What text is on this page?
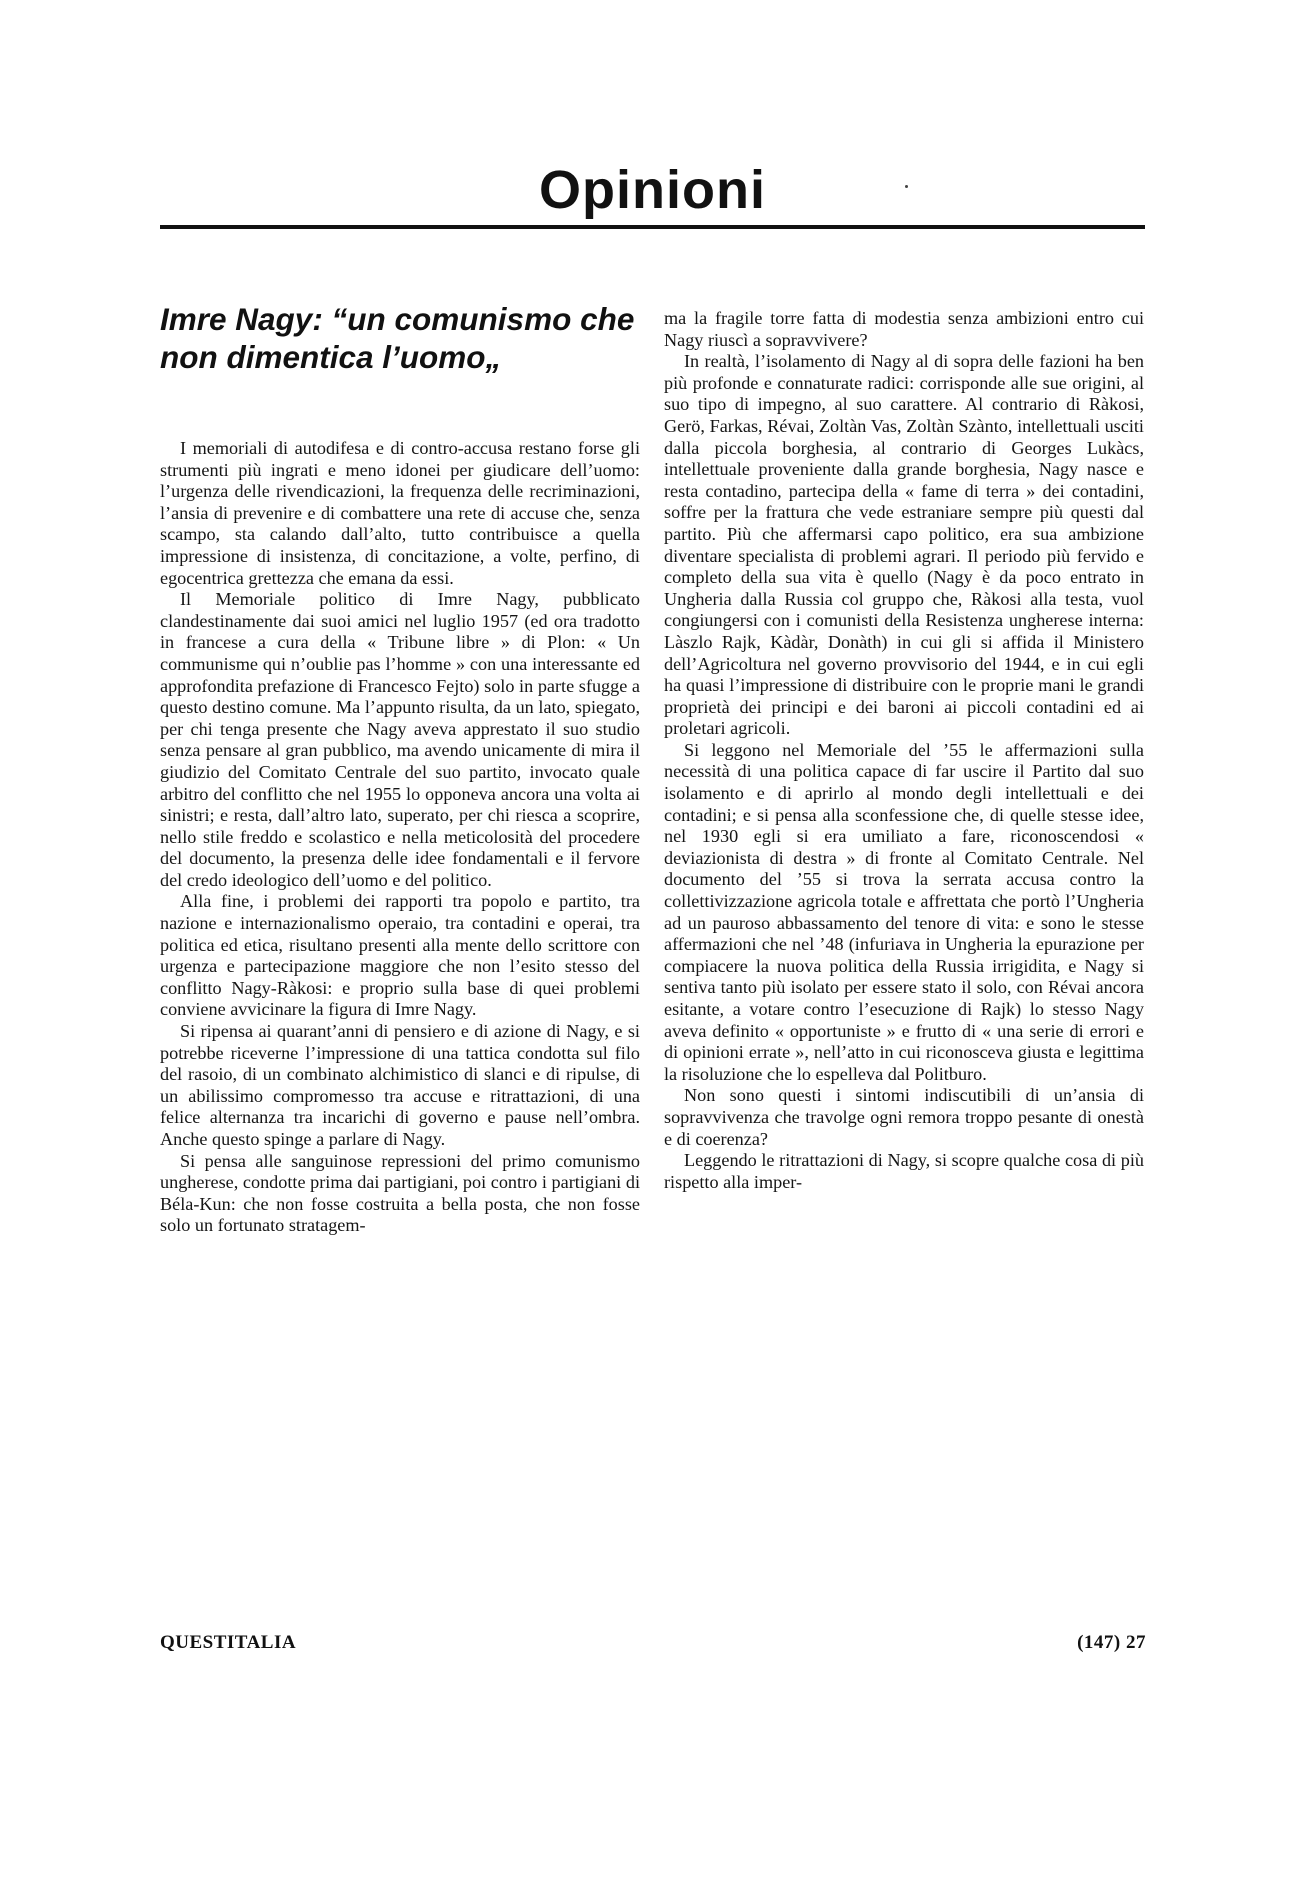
Opinioni
Imre Nagy: “un comunismo che non dimentica l’uomo„

I memoriali di autodifesa e di contro-accusa restano forse gli strumenti più ingrati e meno idonei per giudicare dell’uomo: l’urgenza delle rivendicazioni, la frequenza delle recriminazioni, l’ansia di prevenire e di combattere una rete di accuse che, senza scampo, sta calando dall’alto, tutto contribuisce a quella impressione di insistenza, di concitazione, a volte, perfino, di egocentrica grettezza che emana da essi.

Il Memoriale politico di Imre Nagy, pubblicato clandestinamente dai suoi amici nel luglio 1957 (ed ora tradotto in francese a cura della « Tribune libre » di Plon: « Un communisme qui n’oublie pas l’homme » con una interessante ed approfondita prefazione di Francesco Fejto) solo in parte sfugge a questo destino comune. Ma l’appunto risulta, da un lato, spiegato, per chi tenga presente che Nagy aveva apprestato il suo studio senza pensare al gran pubblico, ma avendo unicamente di mira il giudizio del Comitato Centrale del suo partito, invocato quale arbitro del conflitto che nel 1955 lo opponeva ancora una volta ai sinistri; e resta, dall’altro lato, superato, per chi riesca a scoprire, nello stile freddo e scolastico e nella meticolosità del procedere del documento, la presenza delle idee fondamentali e il fervore del credo ideologico dell’uomo e del politico.

Alla fine, i problemi dei rapporti tra popolo e partito, tra nazione e internazionalismo operaio, tra contadini e operai, tra politica ed etica, risultano presenti alla mente dello scrittore con urgenza e partecipazione maggiore che non l’esito stesso del conflitto Nagy-Ràkosi: e proprio sulla base di quei problemi conviene avvicinare la figura di Imre Nagy.

Si ripensa ai quarant’anni di pensiero e di azione di Nagy, e si potrebbe riceverne l’impressione di una tattica condotta sul filo del rasoio, di un combinato alchimistico di slanci e di ripulse, di un abilissimo compromesso tra accuse e ritrattazioni, di una felice alternanza tra incarichi di governo e pause nell’ombra. Anche questo spinge a parlare di Nagy.

Si pensa alle sanguinose repressioni del primo comunismo ungherese, condotte prima dai partigiani, poi contro i partigiani di Béla-Kun: che non fosse costruita a bella posta, che non fosse solo un fortunato stratagem-

ma la fragile torre fatta di modestia senza ambizioni entro cui Nagy riuscì a sopravvivere?

In realtà, l’isolamento di Nagy al di sopra delle fazioni ha ben più profonde e connaturate radici: corrisponde alle sue origini, al suo tipo di impegno, al suo carattere. Al contrario di Ràkosi, Gerö, Farkas, Révai, Zoltàn Vas, Zoltàn Szànto, intellettuali usciti dalla piccola borghesia, al contrario di Georges Lukàcs, intellettuale proveniente dalla grande borghesia, Nagy nasce e resta contadino, partecipa della « fame di terra » dei contadini, soffre per la frattura che vede estraniare sempre più questi dal partito. Più che affermarsi capo politico, era sua ambizione diventare specialista di problemi agrari. Il periodo più fervido e completo della sua vita è quello (Nagy è da poco entrato in Ungheria dalla Russia col gruppo che, Ràkosi alla testa, vuol congiungersi con i comunisti della Resistenza ungherese interna: Làszlo Rajk, Kàdàr, Donàth) in cui gli si affida il Ministero dell’Agricoltura nel governo provvisorio del 1944, e in cui egli ha quasi l’impressione di distribuire con le proprie mani le grandi proprietà dei principi e dei baroni ai piccoli contadini ed ai proletari agricoli.

Si leggono nel Memoriale del ’55 le affermazioni sulla necessità di una politica capace di far uscire il Partito dal suo isolamento e di aprirlo al mondo degli intellettuali e dei contadini; e si pensa alla sconfessione che, di quelle stesse idee, nel 1930 egli si era umiliato a fare, riconoscendosi « deviazionista di destra » di fronte al Comitato Centrale. Nel documento del ’55 si trova la serrata accusa contro la collettivizzazione agricola totale e affrettata che portò l’Ungheria ad un pauroso abbassamento del tenore di vita: e sono le stesse affermazioni che nel ’48 (infuriava in Ungheria la epurazione per compiacere la nuova politica della Russia irrigidita, e Nagy si sentiva tanto più isolato per essere stato il solo, con Révai ancora esitante, a votare contro l’esecuzione di Rajk) lo stesso Nagy aveva definito « opportuniste » e frutto di « una serie di errori e di opinioni errate », nell’atto in cui riconosceva giusta e legittima la risoluzione che lo espelleva dal Politburo.

Non sono questi i sintomi indiscutibili di un’ansia di sopravvivenza che travolge ogni remora troppo pesante di onestà e di coerenza?

Leggendo le ritrattazioni di Nagy, si scopre qualche cosa di più rispetto alla imper-

QUESTITALIA	(147) 27
